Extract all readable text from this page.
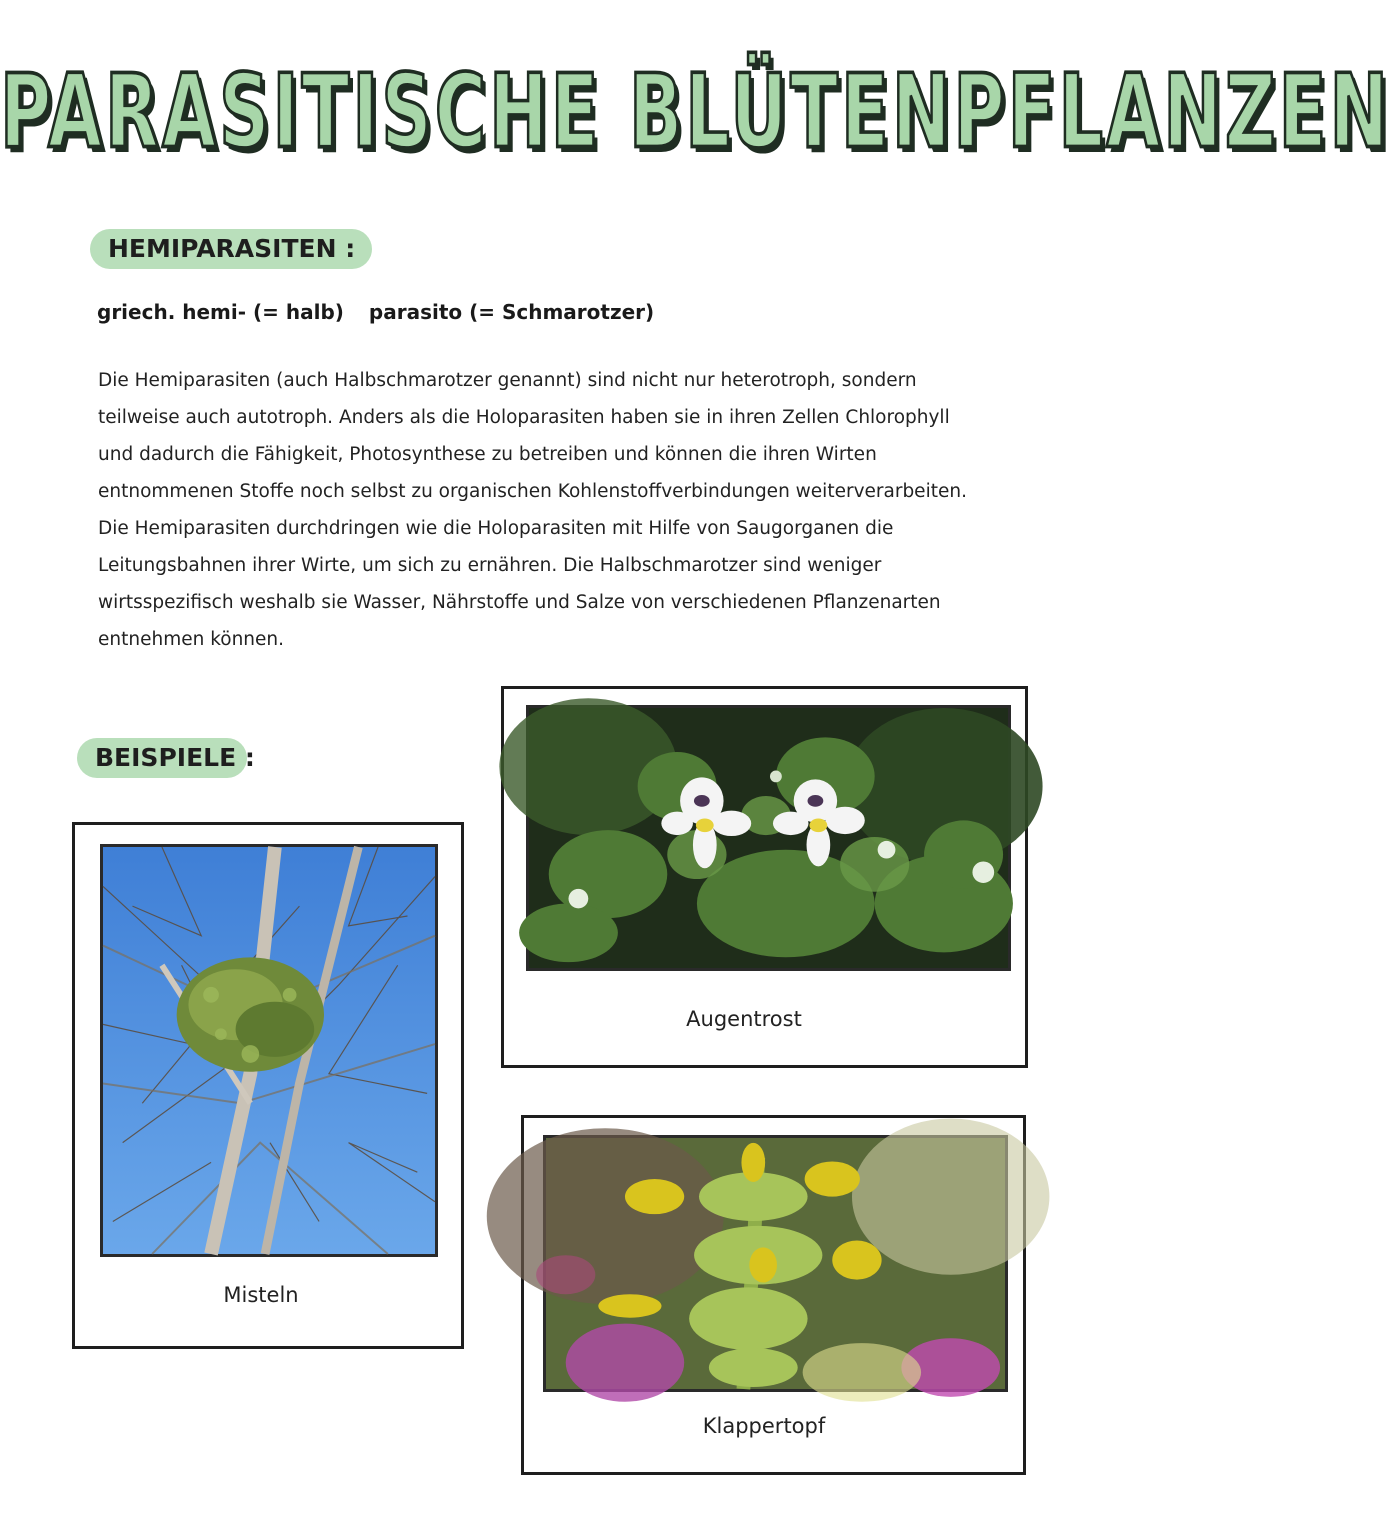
PARASITISCHE BLÜTENPFLANZEN
HEMIPARASITEN :
griech. hemi- (= halb) parasito (= Schmarotzer)
Die Hemiparasiten (auch Halbschmarotzer genannt) sind nicht nur heterotroph, sondern teilweise auch autotroph. Anders als die Holoparasiten haben sie in ihren Zellen Chlorophyll und dadurch die Fähigkeit, Photosynthese zu betreiben und können die ihren Wirten entnommenen Stoffe noch selbst zu organischen Kohlenstoffverbindungen weiterverarbeiten. Die Hemiparasiten durchdringen wie die Holoparasiten mit Hilfe von Saugorganen die Leitungsbahnen ihrer Wirte, um sich zu ernähren. Die Halbschmarotzer sind weniger wirtsspezifisch weshalb sie Wasser, Nährstoffe und Salze von verschiedenen Pflanzenarten entnehmen können.
BEISPIELE :
Misteln
Augentrost
Klappertopf
